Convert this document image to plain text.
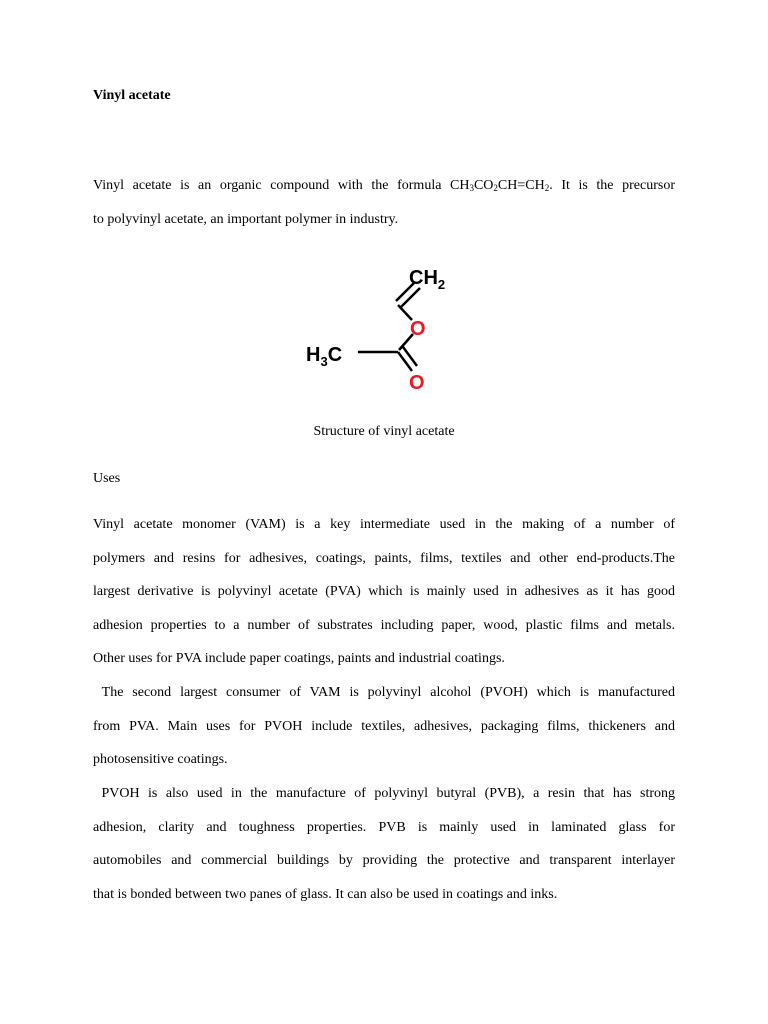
Vinyl acetate
Vinyl acetate is an organic compound with the formula $CH_3CO_2CH=CH_2$. It is the precursor
to polyvinyl acetate, an important polymer in industry.
$CH_2$
O
$H_3C$
O
Structure of vinyl acetate
Uses
Vinyl acetate monomer (VAM) is a key intermediate used in the making of a number of
polymers and resins for adhesives, coatings, paints, films, textiles and other end-products.The
largest derivative is polyvinyl acetate (PVA) which is mainly used in adhesives as it has good
adhesion properties to a number of substrates including paper, wood, plastic films and metals.
Other uses for PVA include paper coatings, paints and industrial coatings.
The second largest consumer of VAM is polyvinyl alcohol (PVOH) which is manufactured
from PVA. Main uses for PVOH include textiles, adhesives, packaging films, thickeners and
photosensitive coatings.
PVOH is also used in the manufacture of polyvinyl butyral (PVB), a resin that has strong
adhesion, clarity and toughness properties. PVB is mainly used in laminated glass for
automobiles and commercial buildings by providing the protective and transparent interlayer
that is bonded between two panes of glass. It can also be used in coatings and inks.
